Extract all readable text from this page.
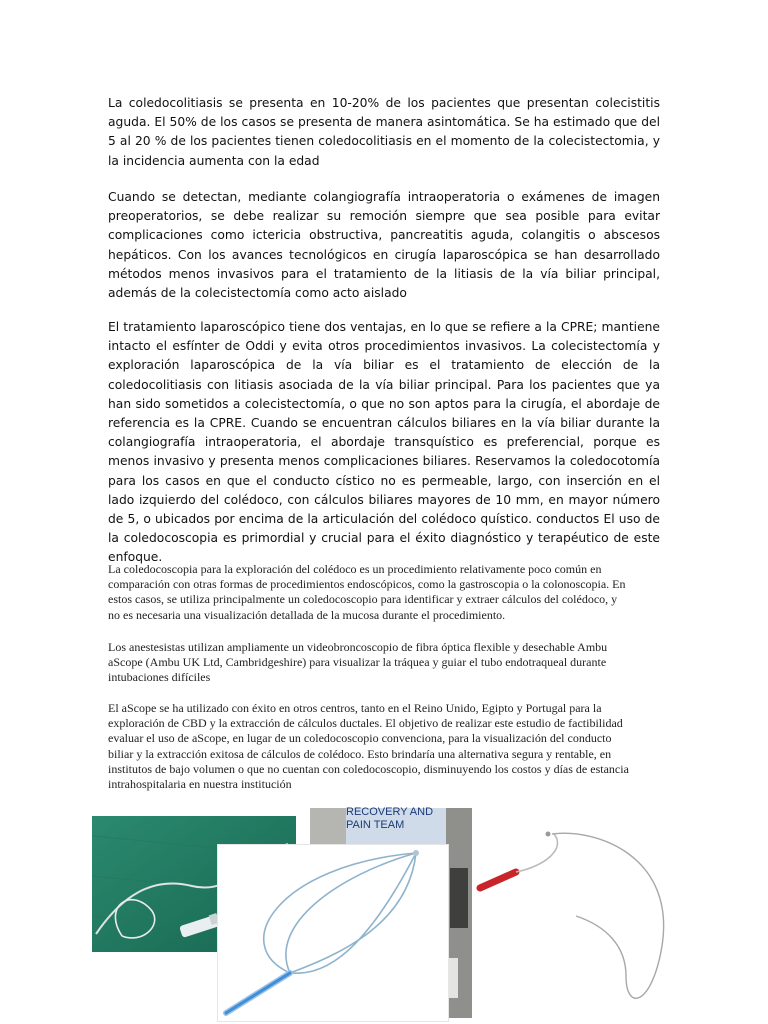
La coledocolitiasis se presenta en 10-20% de los pacientes que presentan colecistitis aguda. El 50% de los casos se presenta de manera asintomática. Se ha estimado que del 5 al 20 % de los pacientes tienen coledocolitiasis en el momento de la colecistectomia, y la incidencia aumenta con la edad

Cuando se detectan, mediante colangiografía intraoperatoria o exámenes de imagen preoperatorios, se debe realizar su remoción siempre que sea posible para evitar complicaciones como ictericia obstructiva, pancreatitis aguda, colangitis o abscesos hepáticos. Con los avances tecnológicos en cirugía laparoscópica se han desarrollado métodos menos invasivos para el tratamiento de la litiasis de la vía biliar principal, además de la colecistectomía como acto aislado

El tratamiento laparoscópico tiene dos ventajas, en lo que se refiere a la CPRE; mantiene intacto el esfínter de Oddi y evita otros procedimientos invasivos. La colecistectomía y exploración laparoscópica de la vía biliar es el tratamiento de elección de la coledocolitiasis con litiasis asociada de la vía biliar principal. Para los pacientes que ya han sido sometidos a colecistectomía, o que no son aptos para la cirugía, el abordaje de referencia es la CPRE. Cuando se encuentran cálculos biliares en la vía biliar durante la colangiografía intraoperatoria, el abordaje transquístico es preferencial, porque es menos invasivo y presenta menos complicaciones biliares. Reservamos la coledocotomía para los casos en que el conducto cístico no es permeable, largo, con inserción en el lado izquierdo del colédoco, con cálculos biliares mayores de 10 mm, en mayor número de 5, o ubicados por encima de la articulación del colédoco quístico. conductos El uso de la coledocoscopia es primordial y crucial para el éxito diagnóstico y terapéutico de este enfoque.

La coledocoscopia para la exploración del colédoco es un procedimiento relativamente poco común en comparación con otras formas de procedimientos endoscópicos, como la gastroscopia o la colonoscopia. En estos casos, se utiliza principalmente un coledocoscopio para identificar y extraer cálculos del colédoco, y no es necesaria una visualización detallada de la mucosa durante el procedimiento.

Los anestesistas utilizan ampliamente un videobroncoscopio de fibra óptica flexible y desechable Ambu aScope (Ambu UK Ltd, Cambridgeshire) para visualizar la tráquea y guiar el tubo endotraqueal durante intubaciones difíciles

El aScope se ha utilizado con éxito en otros centros, tanto en el Reino Unido, Egipto y Portugal para la exploración de CBD y la extracción de cálculos ductales. El objetivo de realizar este estudio de factibilidad evaluar el uso de aScope, en lugar de un coledocoscopio convenciona, para la visualización del conducto biliar y la extracción exitosa de cálculos de colédoco. Esto brindaría una alternativa segura y rentable, en institutos de bajo volumen o que no cuentan con coledocoscopio, disminuyendo los costos y días de estancia intrahospitalaria en nuestra institución

RECOVERY AND
PAIN TEAM
